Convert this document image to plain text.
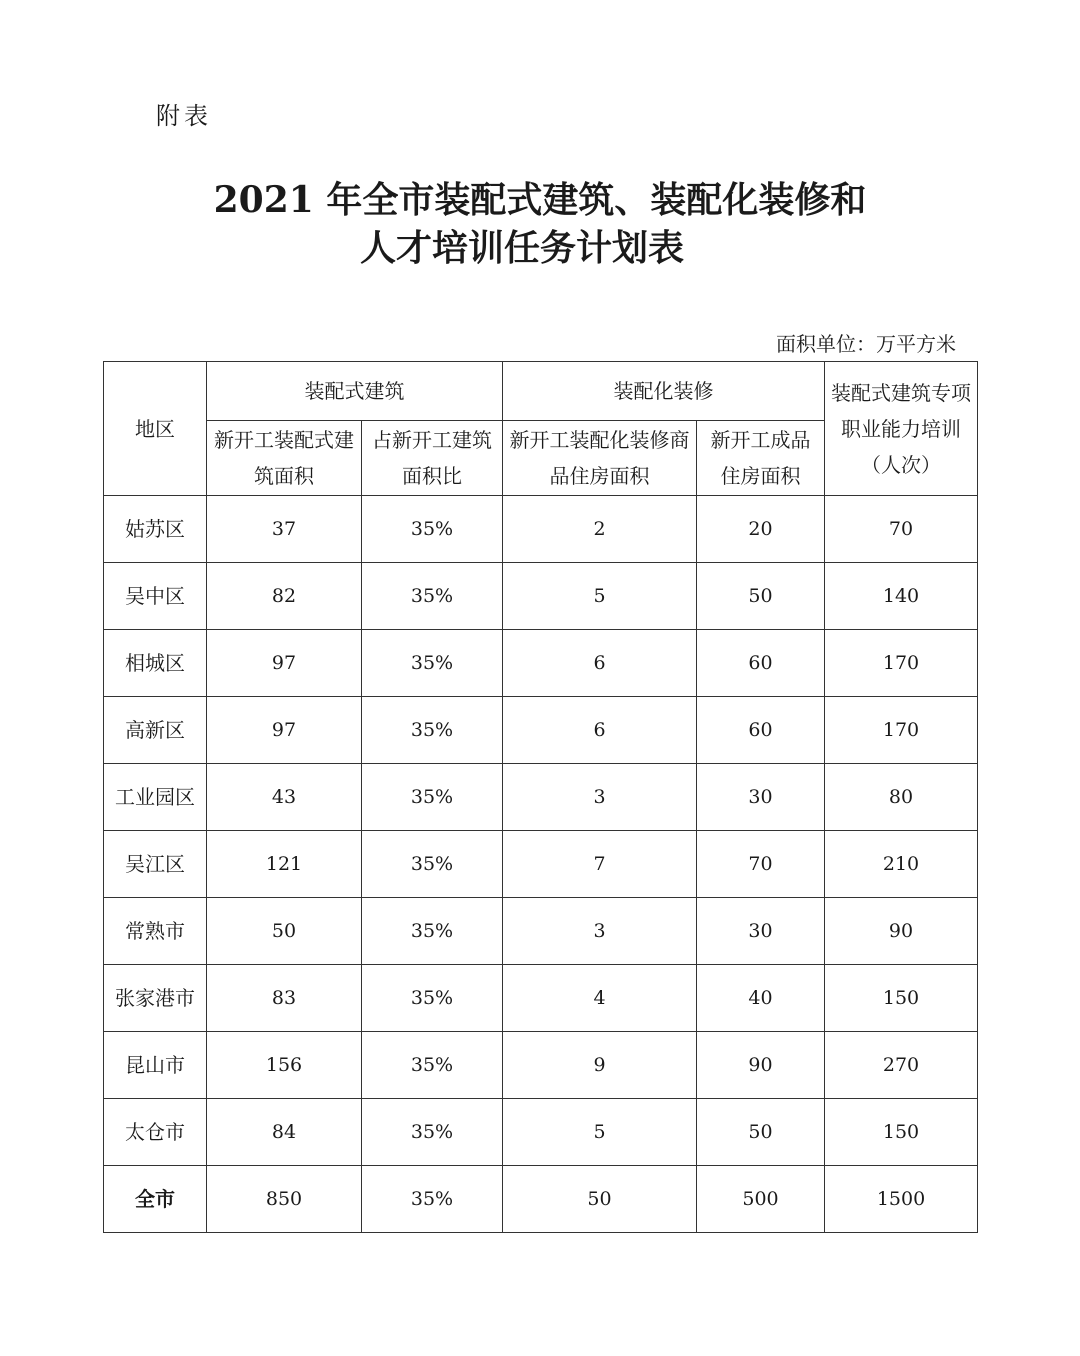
附表
2021 年全市装配式建筑、装配化装修和
人才培训任务计划表
面积单位：万平方米
地区	装配式建筑		装配化装修		装配式建筑专项职业能力培训（人次）
	新开工装配式建筑面积	占新开工建筑面积比	新开工装配化装修商品住房面积	新开工成品住房面积	
姑苏区	37	35%	2	20	70
吴中区	82	35%	5	50	140
相城区	97	35%	6	60	170
高新区	97	35%	6	60	170
工业园区	43	35%	3	30	80
吴江区	121	35%	7	70	210
常熟市	50	35%	3	30	90
张家港市	83	35%	4	40	150
昆山市	156	35%	9	90	270
太仓市	84	35%	5	50	150
全市	850	35%	50	500	1500
